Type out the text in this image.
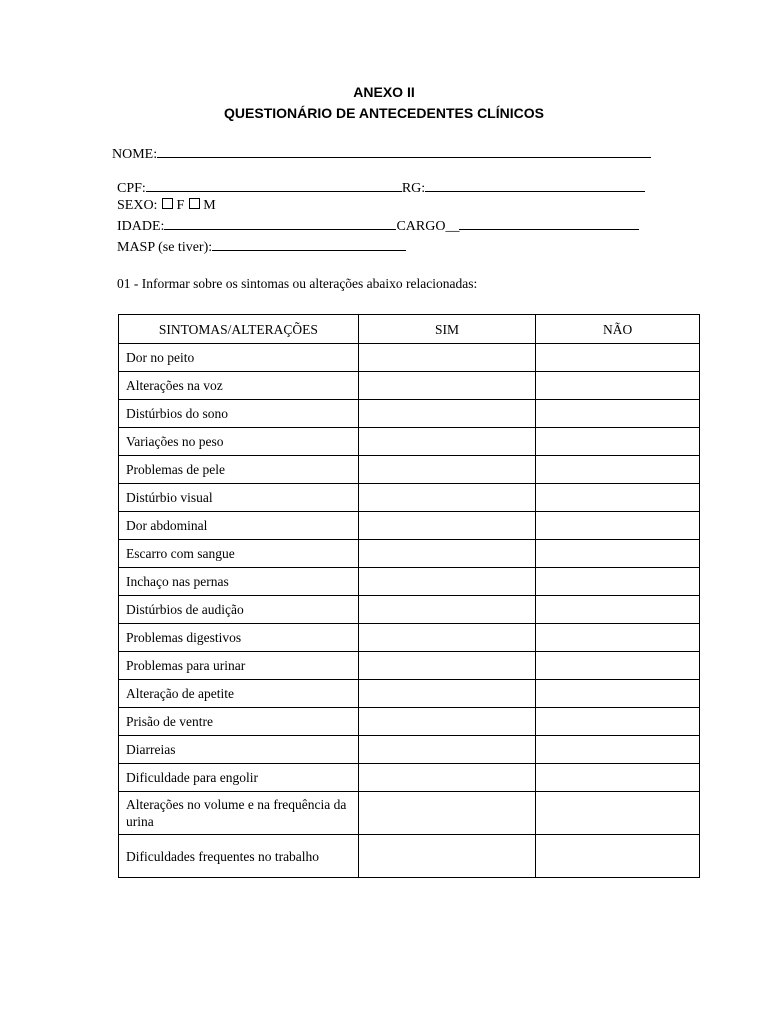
ANEXO II
QUESTIONÁRIO DE ANTECEDENTES CLÍNICOS
NOME:
CPF:	RG:
SEXO: F M
IDADE:	CARGO__
MASP (se tiver):
01 - Informar sobre os sintomas ou alterações abaixo relacionadas:
SINTOMAS/ALTERAÇÕES	SIM	NÃO
Dor no peito		
Alterações na voz		
Distúrbios do sono		
Variações no peso		
Problemas de pele		
Distúrbio visual		
Dor abdominal		
Escarro com sangue		
Inchaço nas pernas		
Distúrbios de audição		
Problemas digestivos		
Problemas para urinar		
Alteração de apetite		
Prisão de ventre		
Diarreias		
Dificuldade para engolir		
Alterações no volume e na frequência da urina		
Dificuldades frequentes no trabalho		
